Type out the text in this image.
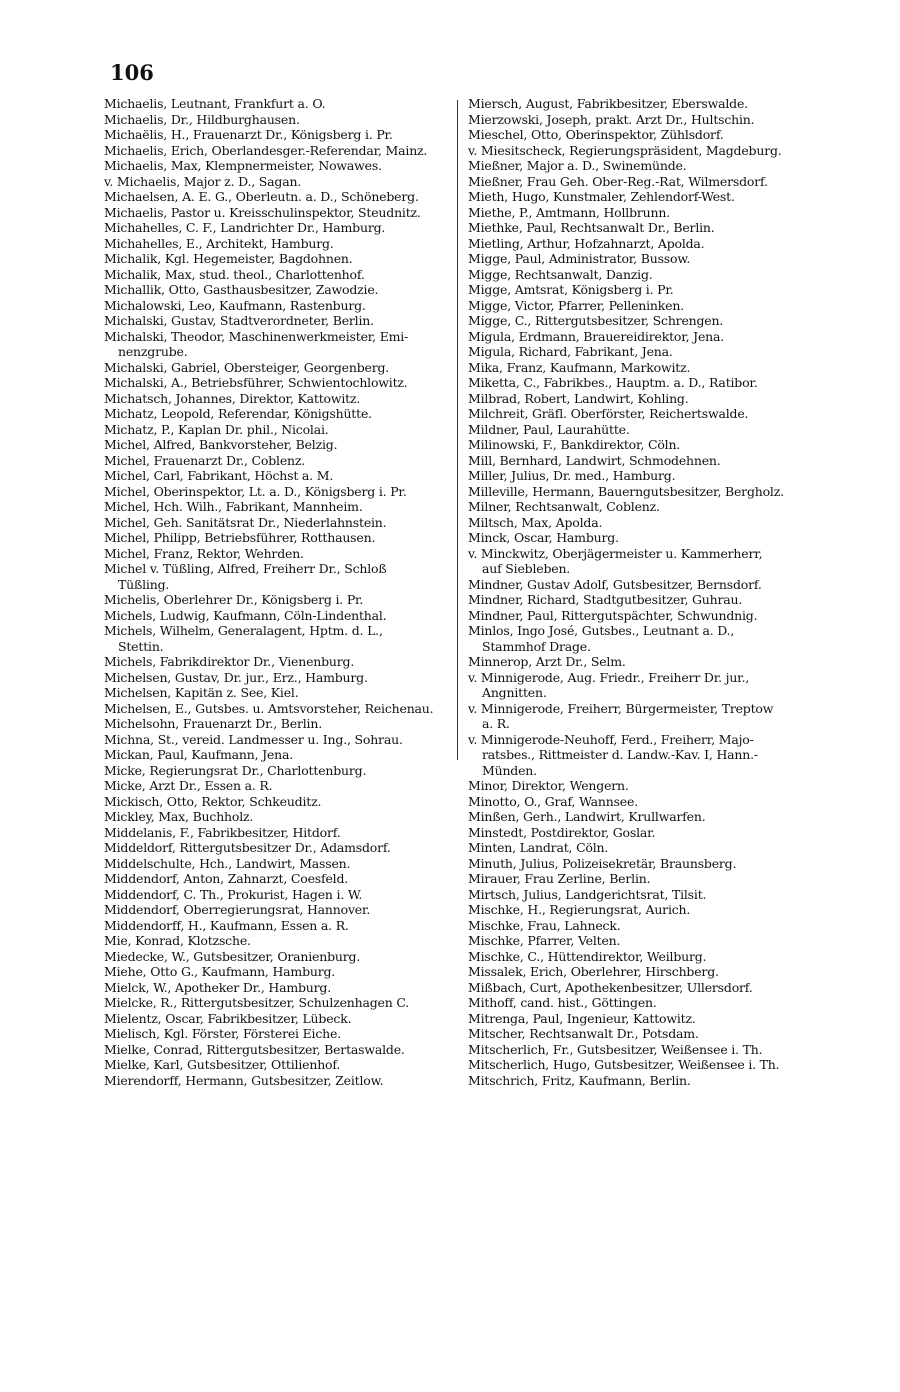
106
Michaelis, Leutnant, Frankfurt a. O.
Michaelis, Dr., Hildburghausen.
Michaëlis, H., Frauenarzt Dr., Königsberg i. Pr.
Michaelis, Erich, Oberlandesger.-Referendar, Mainz.
Michaelis, Max, Klempnermeister, Nowawes.
v. Michaelis, Major z. D., Sagan.
Michaelsen, A. E. G., Oberleutn. a. D., Schöneberg.
Michaelis, Pastor u. Kreisschulinspektor, Steudnitz.
Michahelles, C. F., Landrichter Dr., Hamburg.
Michahelles, E., Architekt, Hamburg.
Michalik, Kgl. Hegemeister, Bagdohnen.
Michalik, Max, stud. theol., Charlottenhof.
Michallik, Otto, Gasthausbesitzer, Zawodzie.
Michalowski, Leo, Kaufmann, Rastenburg.
Michalski, Gustav, Stadtverordneter, Berlin.
Michalski, Theodor, Maschinenwerkmeister, Emi-
nenzgrube.
Michalski, Gabriel, Obersteiger, Georgenberg.
Michalski, A., Betriebsführer, Schwientochlowitz.
Michatsch, Johannes, Direktor, Kattowitz.
Michatz, Leopold, Referendar, Königshütte.
Michatz, P., Kaplan Dr. phil., Nicolai.
Michel, Alfred, Bankvorsteher, Belzig.
Michel, Frauenarzt Dr., Coblenz.
Michel, Carl, Fabrikant, Höchst a. M.
Michel, Oberinspektor, Lt. a. D., Königsberg i. Pr.
Michel, Hch. Wilh., Fabrikant, Mannheim.
Michel, Geh. Sanitätsrat Dr., Niederlahnstein.
Michel, Philipp, Betriebsführer, Rotthausen.
Michel, Franz, Rektor, Wehrden.
Michel v. Tüßling, Alfred, Freiherr Dr., Schloß
Tüßling.
Michelis, Oberlehrer Dr., Königsberg i. Pr.
Michels, Ludwig, Kaufmann, Cöln-Lindenthal.
Michels, Wilhelm, Generalagent, Hptm. d. L.,
Stettin.
Michels, Fabrikdirektor Dr., Vienenburg.
Michelsen, Gustav, Dr. jur., Erz., Hamburg.
Michelsen, Kapitän z. See, Kiel.
Michelsen, E., Gutsbes. u. Amtsvorsteher, Reichenau.
Michelsohn, Frauenarzt Dr., Berlin.
Michna, St., vereid. Landmesser u. Ing., Sohrau.
Mickan, Paul, Kaufmann, Jena.
Micke, Regierungsrat Dr., Charlottenburg.
Micke, Arzt Dr., Essen a. R.
Mickisch, Otto, Rektor, Schkeuditz.
Mickley, Max, Buchholz.
Middelanis, F., Fabrikbesitzer, Hitdorf.
Middeldorf, Rittergutsbesitzer Dr., Adamsdorf.
Middelschulte, Hch., Landwirt, Massen.
Middendorf, Anton, Zahnarzt, Coesfeld.
Middendorf, C. Th., Prokurist, Hagen i. W.
Middendorf, Oberregierungsrat, Hannover.
Middendorff, H., Kaufmann, Essen a. R.
Mie, Konrad, Klotzsche.
Miedecke, W., Gutsbesitzer, Oranienburg.
Miehe, Otto G., Kaufmann, Hamburg.
Mielck, W., Apotheker Dr., Hamburg.
Mielcke, R., Rittergutsbesitzer, Schulzenhagen C.
Mielentz, Oscar, Fabrikbesitzer, Lübeck.
Mielisch, Kgl. Förster, Försterei Eiche.
Mielke, Conrad, Rittergutsbesitzer, Bertaswalde.
Mielke, Karl, Gutsbesitzer, Ottilienhof.
Mierendorff, Hermann, Gutsbesitzer, Zeitlow.
Miersch, August, Fabrikbesitzer, Eberswalde.
Mierzowski, Joseph, prakt. Arzt Dr., Hultschin.
Mieschel, Otto, Oberinspektor, Zühlsdorf.
v. Miesitscheck, Regierungspräsident, Magdeburg.
Mießner, Major a. D., Swinemünde.
Mießner, Frau Geh. Ober-Reg.-Rat, Wilmersdorf.
Mieth, Hugo, Kunstmaler, Zehlendorf-West.
Miethe, P., Amtmann, Hollbrunn.
Miethke, Paul, Rechtsanwalt Dr., Berlin.
Mietling, Arthur, Hofzahnarzt, Apolda.
Migge, Paul, Administrator, Bussow.
Migge, Rechtsanwalt, Danzig.
Migge, Amtsrat, Königsberg i. Pr.
Migge, Victor, Pfarrer, Pelleninken.
Migge, C., Rittergutsbesitzer, Schrengen.
Migula, Erdmann, Brauereidirektor, Jena.
Migula, Richard, Fabrikant, Jena.
Mika, Franz, Kaufmann, Markowitz.
Miketta, C., Fabrikbes., Hauptm. a. D., Ratibor.
Milbrad, Robert, Landwirt, Kohling.
Milchreit, Gräfl. Oberförster, Reichertswalde.
Mildner, Paul, Laurahütte.
Milinowski, F., Bankdirektor, Cöln.
Mill, Bernhard, Landwirt, Schmodehnen.
Miller, Julius, Dr. med., Hamburg.
Milleville, Hermann, Bauerngutsbesitzer, Bergholz.
Milner, Rechtsanwalt, Coblenz.
Miltsch, Max, Apolda.
Minck, Oscar, Hamburg.
v. Minckwitz, Oberjägermeister u. Kammerherr,
auf Siebleben.
Mindner, Gustav Adolf, Gutsbesitzer, Bernsdorf.
Mindner, Richard, Stadtgutbesitzer, Guhrau.
Mindner, Paul, Rittergutspächter, Schwundnig.
Minlos, Ingo José, Gutsbes., Leutnant a. D.,
Stammhof Drage.
Minnerop, Arzt Dr., Selm.
v. Minnigerode, Aug. Friedr., Freiherr Dr. jur.,
Angnitten.
v. Minnigerode, Freiherr, Bürgermeister, Treptow
a. R.
v. Minnigerode-Neuhoff, Ferd., Freiherr, Majo-
ratsbes., Rittmeister d. Landw.-Kav. I, Hann.-
Münden.
Minor, Direktor, Wengern.
Minotto, O., Graf, Wannsee.
Minßen, Gerh., Landwirt, Krullwarfen.
Minstedt, Postdirektor, Goslar.
Minten, Landrat, Cöln.
Minuth, Julius, Polizeisekretär, Braunsberg.
Mirauer, Frau Zerline, Berlin.
Mirtsch, Julius, Landgerichtsrat, Tilsit.
Mischke, H., Regierungsrat, Aurich.
Mischke, Frau, Lahneck.
Mischke, Pfarrer, Velten.
Mischke, C., Hüttendirektor, Weilburg.
Missalek, Erich, Oberlehrer, Hirschberg.
Mißbach, Curt, Apothekenbesitzer, Ullersdorf.
Mithoff, cand. hist., Göttingen.
Mitrenga, Paul, Ingenieur, Kattowitz.
Mitscher, Rechtsanwalt Dr., Potsdam.
Mitscherlich, Fr., Gutsbesitzer, Weißensee i. Th.
Mitscherlich, Hugo, Gutsbesitzer, Weißensee i. Th.
Mitschrich, Fritz, Kaufmann, Berlin.
